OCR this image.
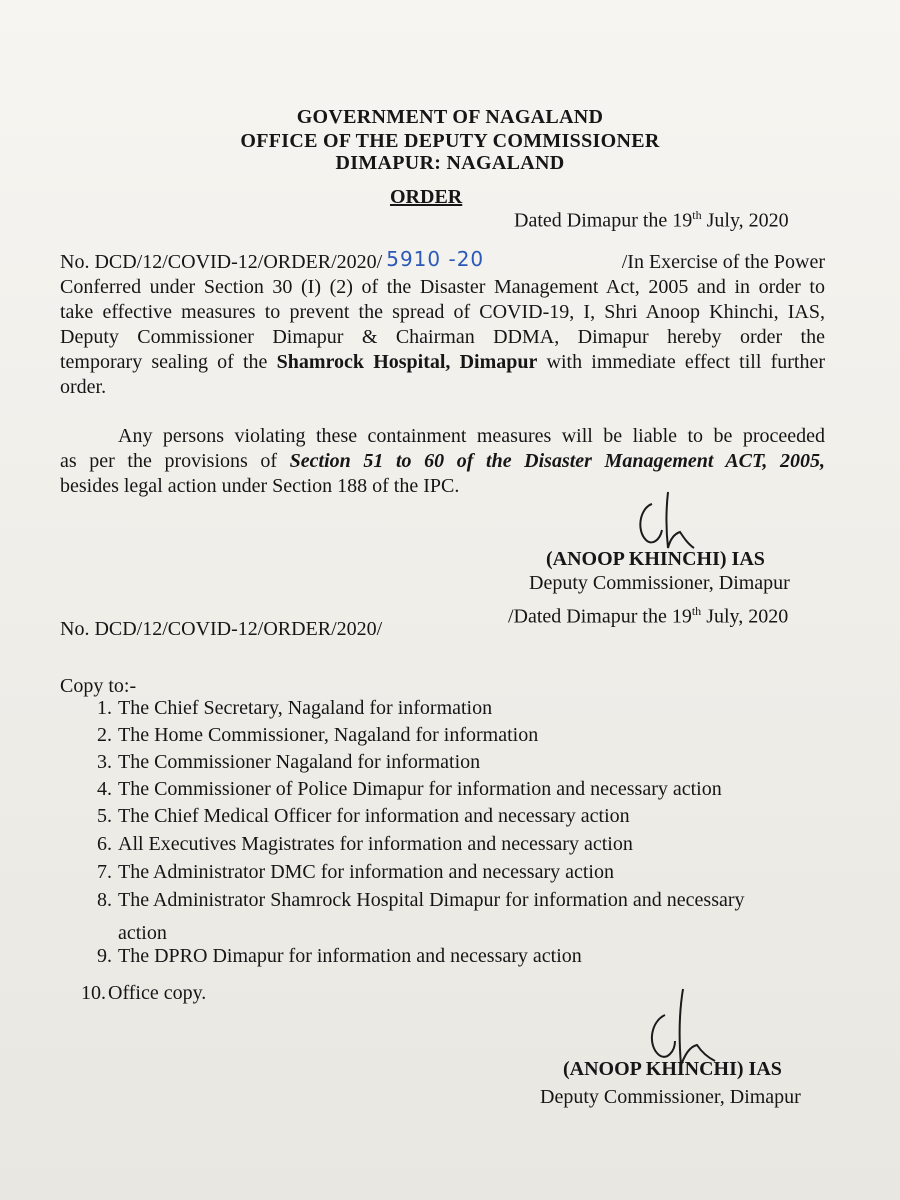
GOVERNMENT OF NAGALAND
OFFICE OF THE DEPUTY COMMISSIONER
DIMAPUR: NAGALAND
ORDER
Dated Dimapur the 19th July, 2020
No. DCD/12/COVID-12/ORDER/2020/ 5910 -20	/In Exercise of the Power
Conferred under Section 30 (I) (2) of the Disaster Management Act, 2005 and in order to
take effective measures to prevent the spread of COVID-19, I, Shri Anoop Khinchi, IAS,
Deputy Commissioner Dimapur & Chairman DDMA, Dimapur hereby order the
temporary sealing of the Shamrock Hospital, Dimapur with immediate effect till further
order.
Any persons violating these containment measures will be liable to be proceeded
as per the provisions of Section 51 to 60 of the Disaster Management ACT, 2005,
besides legal action under Section 188 of the IPC.
(ANOOP KHINCHI) IAS
Deputy Commissioner, Dimapur
No. DCD/12/COVID-12/ORDER/2020/
/Dated Dimapur the 19th July, 2020
Copy to:-
1. The Chief Secretary, Nagaland for information
2. The Home Commissioner, Nagaland for information
3. The Commissioner Nagaland for information
4. The Commissioner of Police Dimapur for information and necessary action
5. The Chief Medical Officer for information and necessary action
6. All Executives Magistrates for information and necessary action
7. The Administrator DMC for information and necessary action
8. The Administrator Shamrock Hospital Dimapur for information and necessary
action
9. The DPRO Dimapur for information and necessary action
10. Office copy.
(ANOOP KHINCHI) IAS
Deputy Commissioner, Dimapur
